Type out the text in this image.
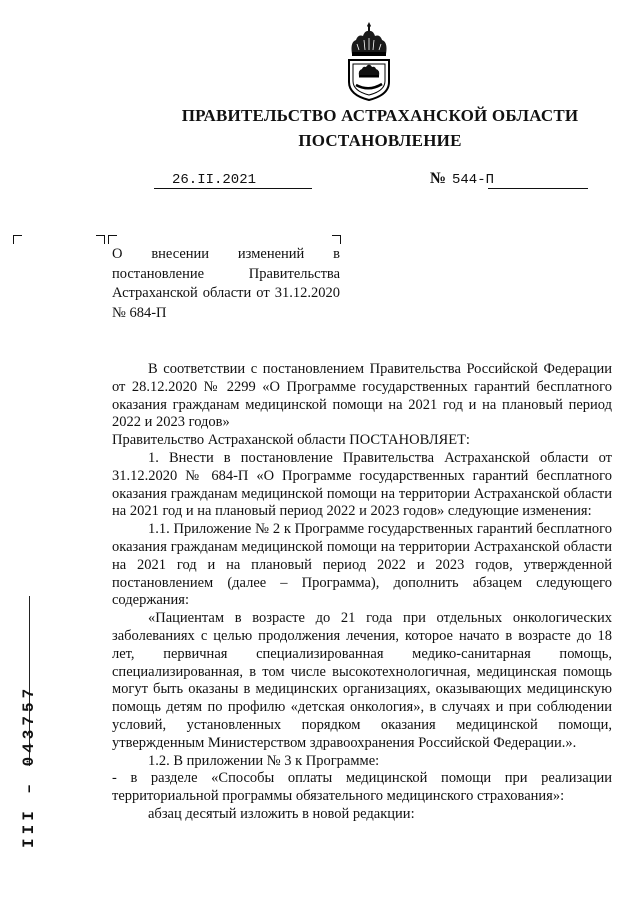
ПРАВИТЕЛЬСТВО АСТРАХАНСКОЙ ОБЛАСТИ
ПОСТАНОВЛЕНИЕ
26.II.2021	№ 544-П
О внесении изменений в постановление Правительства Астраханской области от 31.12.2020 № 684-П

В соответствии с постановлением Правительства Российской Федерации от 28.12.2020 № 2299 «О Программе государственных гарантий бесплатного оказания гражданам медицинской помощи на 2021 год и на плановый период 2022 и 2023 годов»

Правительство Астраханской области ПОСТАНОВЛЯЕТ:

1. Внести в постановление Правительства Астраханской области от 31.12.2020 № 684-П «О Программе государственных гарантий бесплатного оказания гражданам медицинской помощи на территории Астраханской области на 2021 год и на плановый период 2022 и 2023 годов» следующие изменения:

1.1. Приложение № 2 к Программе государственных гарантий бесплатного оказания гражданам медицинской помощи на территории Астраханской области на 2021 год и на плановый период 2022 и 2023 годов, утвержденной постановлением (далее – Программа), дополнить абзацем следующего содержания:

«Пациентам в возрасте до 21 года при отдельных онкологических заболеваниях с целью продолжения лечения, которое начато в возрасте до 18 лет, первичная специализированная медико-санитарная помощь, специализированная, в том числе высокотехнологичная, медицинская помощь могут быть оказаны в медицинских организациях, оказывающих медицинскую помощь детям по профилю «детская онкология», в случаях и при соблюдении условий, установленных порядком оказания медицинской помощи, утвержденным Министерством здравоохранения Российской Федерации.».

1.2. В приложении № 3 к Программе:

- в разделе «Способы оплаты медицинской помощи при реализации территориальной программы обязательного медицинского страхования»:

абзац десятый изложить в новой редакции:

III – 043757
